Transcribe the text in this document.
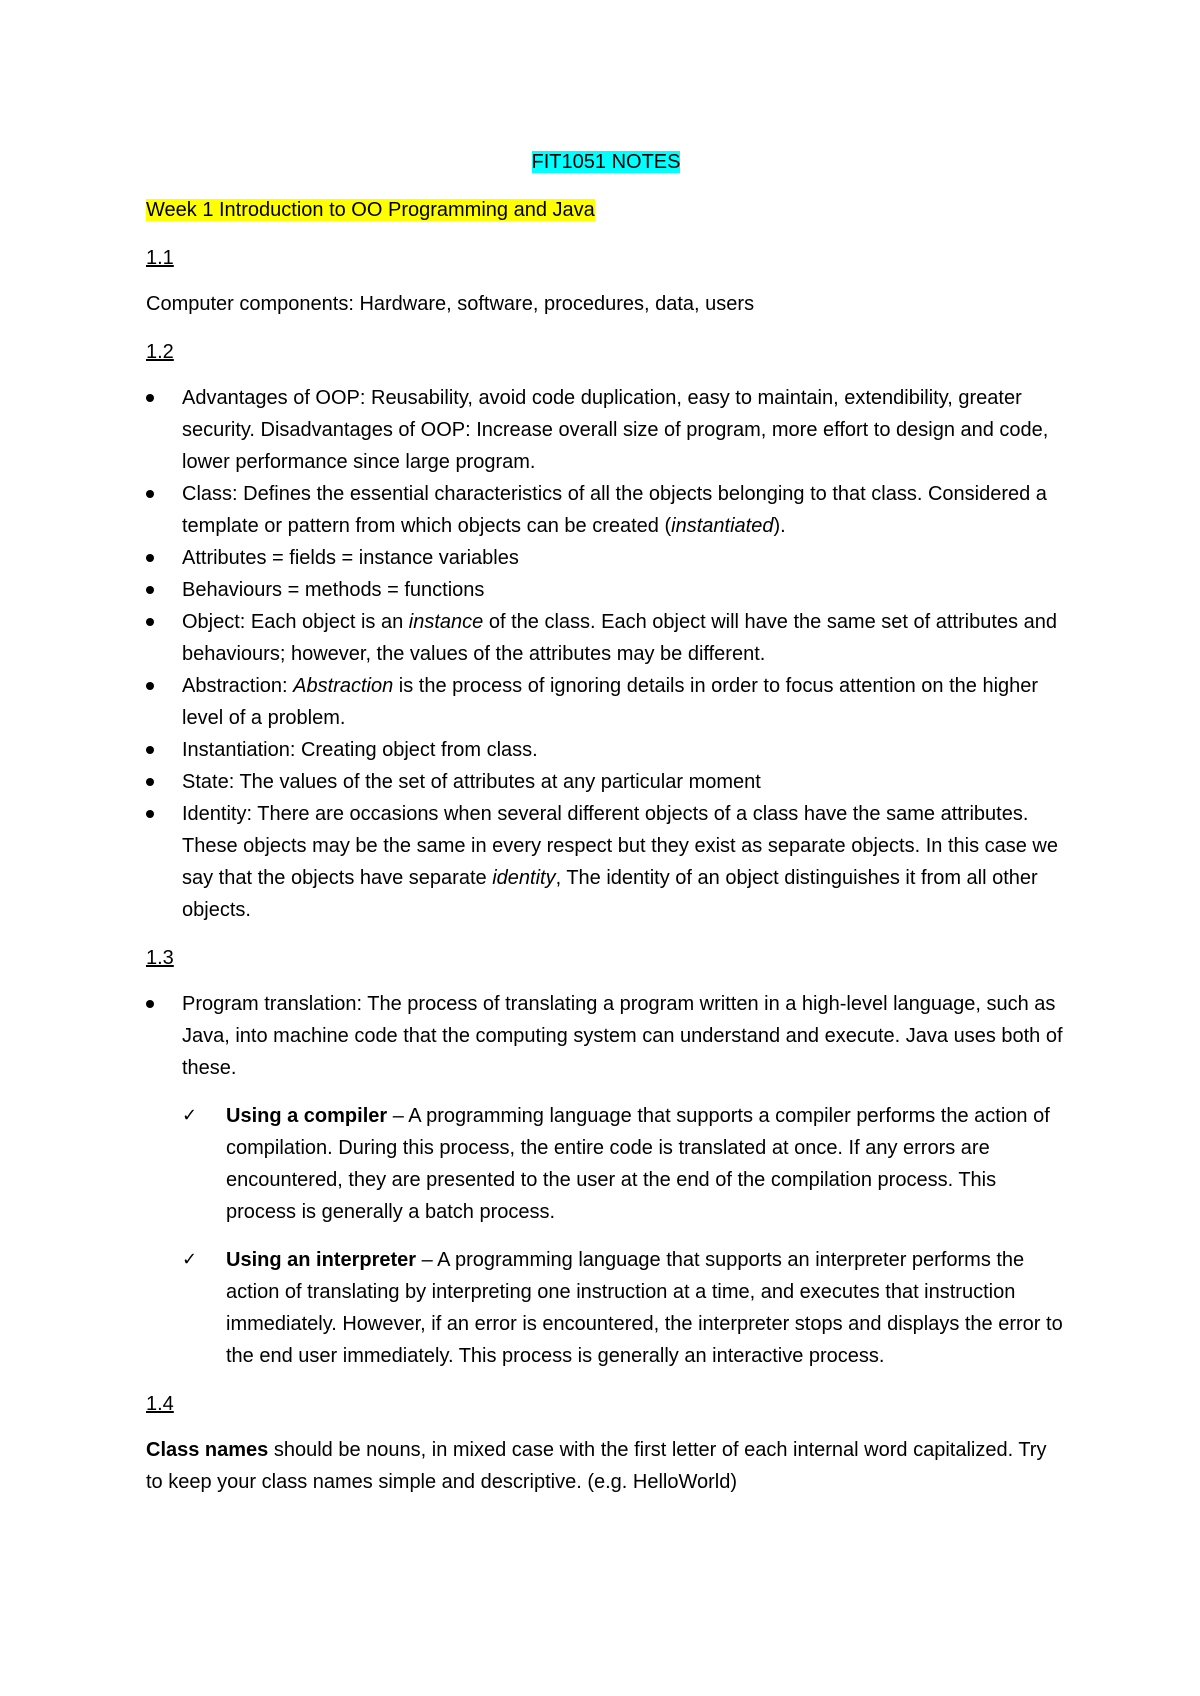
FIT1051 NOTES
Week 1 Introduction to OO Programming and Java
1.1

Computer components: Hardware, software, procedures, data, users

1.2
Advantages of OOP: Reusability, avoid code duplication, easy to maintain, extendibility, greater security. Disadvantages of OOP: Increase overall size of program, more effort to design and code, lower performance since large program.
Class: Defines the essential characteristics of all the objects belonging to that class. Considered a template or pattern from which objects can be created (instantiated).
Attributes = fields = instance variables
Behaviours = methods = functions
Object: Each object is an instance of the class. Each object will have the same set of attributes and behaviours; however, the values of the attributes may be different.
Abstraction: Abstraction is the process of ignoring details in order to focus attention on the higher level of a problem.
Instantiation: Creating object from class.
State: The values of the set of attributes at any particular moment
Identity: There are occasions when several different objects of a class have the same attributes. These objects may be the same in every respect but they exist as separate objects. In this case we say that the objects have separate identity, The identity of an object distinguishes it from all other objects.
1.3
Program translation: The process of translating a program written in a high-level language, such as Java, into machine code that the computing system can understand and execute. Java uses both of these.
✓ Using a compiler – A programming language that supports a compiler performs the action of compilation. During this process, the entire code is translated at once. If any errors are encountered, they are presented to the user at the end of the compilation process. This process is generally a batch process.
✓ Using an interpreter – A programming language that supports an interpreter performs the action of translating by interpreting one instruction at a time, and executes that instruction immediately. However, if an error is encountered, the interpreter stops and displays the error to the end user immediately. This process is generally an interactive process.
1.4

Class names should be nouns, in mixed case with the first letter of each internal word capitalized. Try to keep your class names simple and descriptive. (e.g. HelloWorld)
